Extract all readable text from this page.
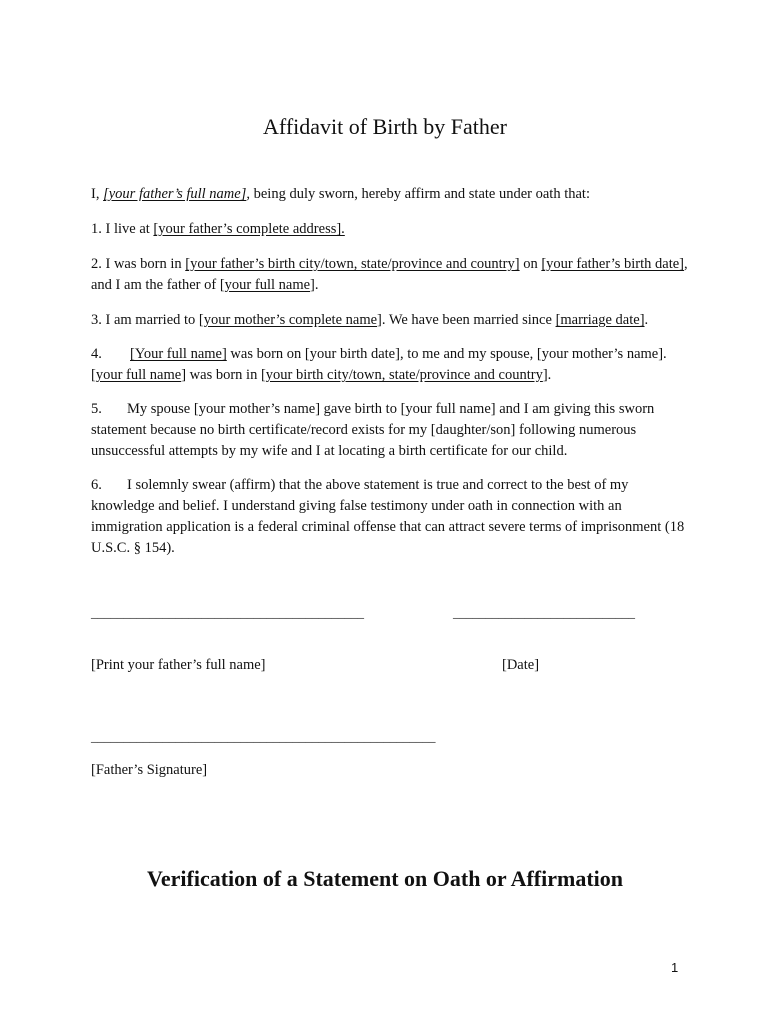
Affidavit of Birth by Father

I, [your father’s full name], being duly sworn, hereby affirm and state under oath that:

1. I live at [your father’s complete address].

2. I was born in [your father’s birth city/town, state/province and country] on [your father’s birth date], and I am the father of [your full name].

3. I am married to [your mother’s complete name]. We have been married since [marriage date].

4. [Your full name] was born on [your birth date], to me and my spouse, [your mother’s name]. [your full name] was born in [your birth city/town, state/province and country].

5. My spouse [your mother’s name] gave birth to [your full name] and I am giving this sworn statement because no birth certificate/record exists for my [daughter/son] following numerous unsuccessful attempts by my wife and I at locating a birth certificate for our child.

6. I solemnly swear (affirm) that the above statement is true and correct to the best of my knowledge and belief. I understand giving false testimony under oath in connection with an immigration application is a federal criminal offense that can attract severe terms of imprisonment (18 U.S.C. § 154).

__________________________________________	____________________________
[Print your father’s full name]	[Date]
_____________________________________________________
[Father’s Signature]
Verification of a Statement on Oath or Affirmation
1
